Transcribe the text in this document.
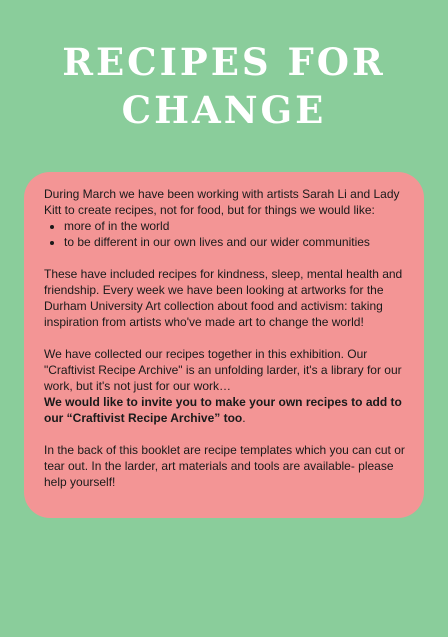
RECIPES FOR
CHANGE

During March we have been working with artists Sarah Li and Lady Kitt to create recipes, not for food, but for things we would like:

• more of in the world
• to be different in our own lives and our wider communities

These have included recipes for kindness, sleep, mental health and friendship. Every week we have been looking at artworks for the Durham University Art collection about food and activism: taking inspiration from artists who've made art to change the world!

We have collected our recipes together in this exhibition. Our "Craftivist Recipe Archive" is an unfolding larder, it's a library for our work, but it's not just for our work…
We would like to invite you to make your own recipes to add to our “Craftivist Recipe Archive” too.

In the back of this booklet are recipe templates which you can cut or tear out. In the larder, art materials and tools are available- please help yourself!
